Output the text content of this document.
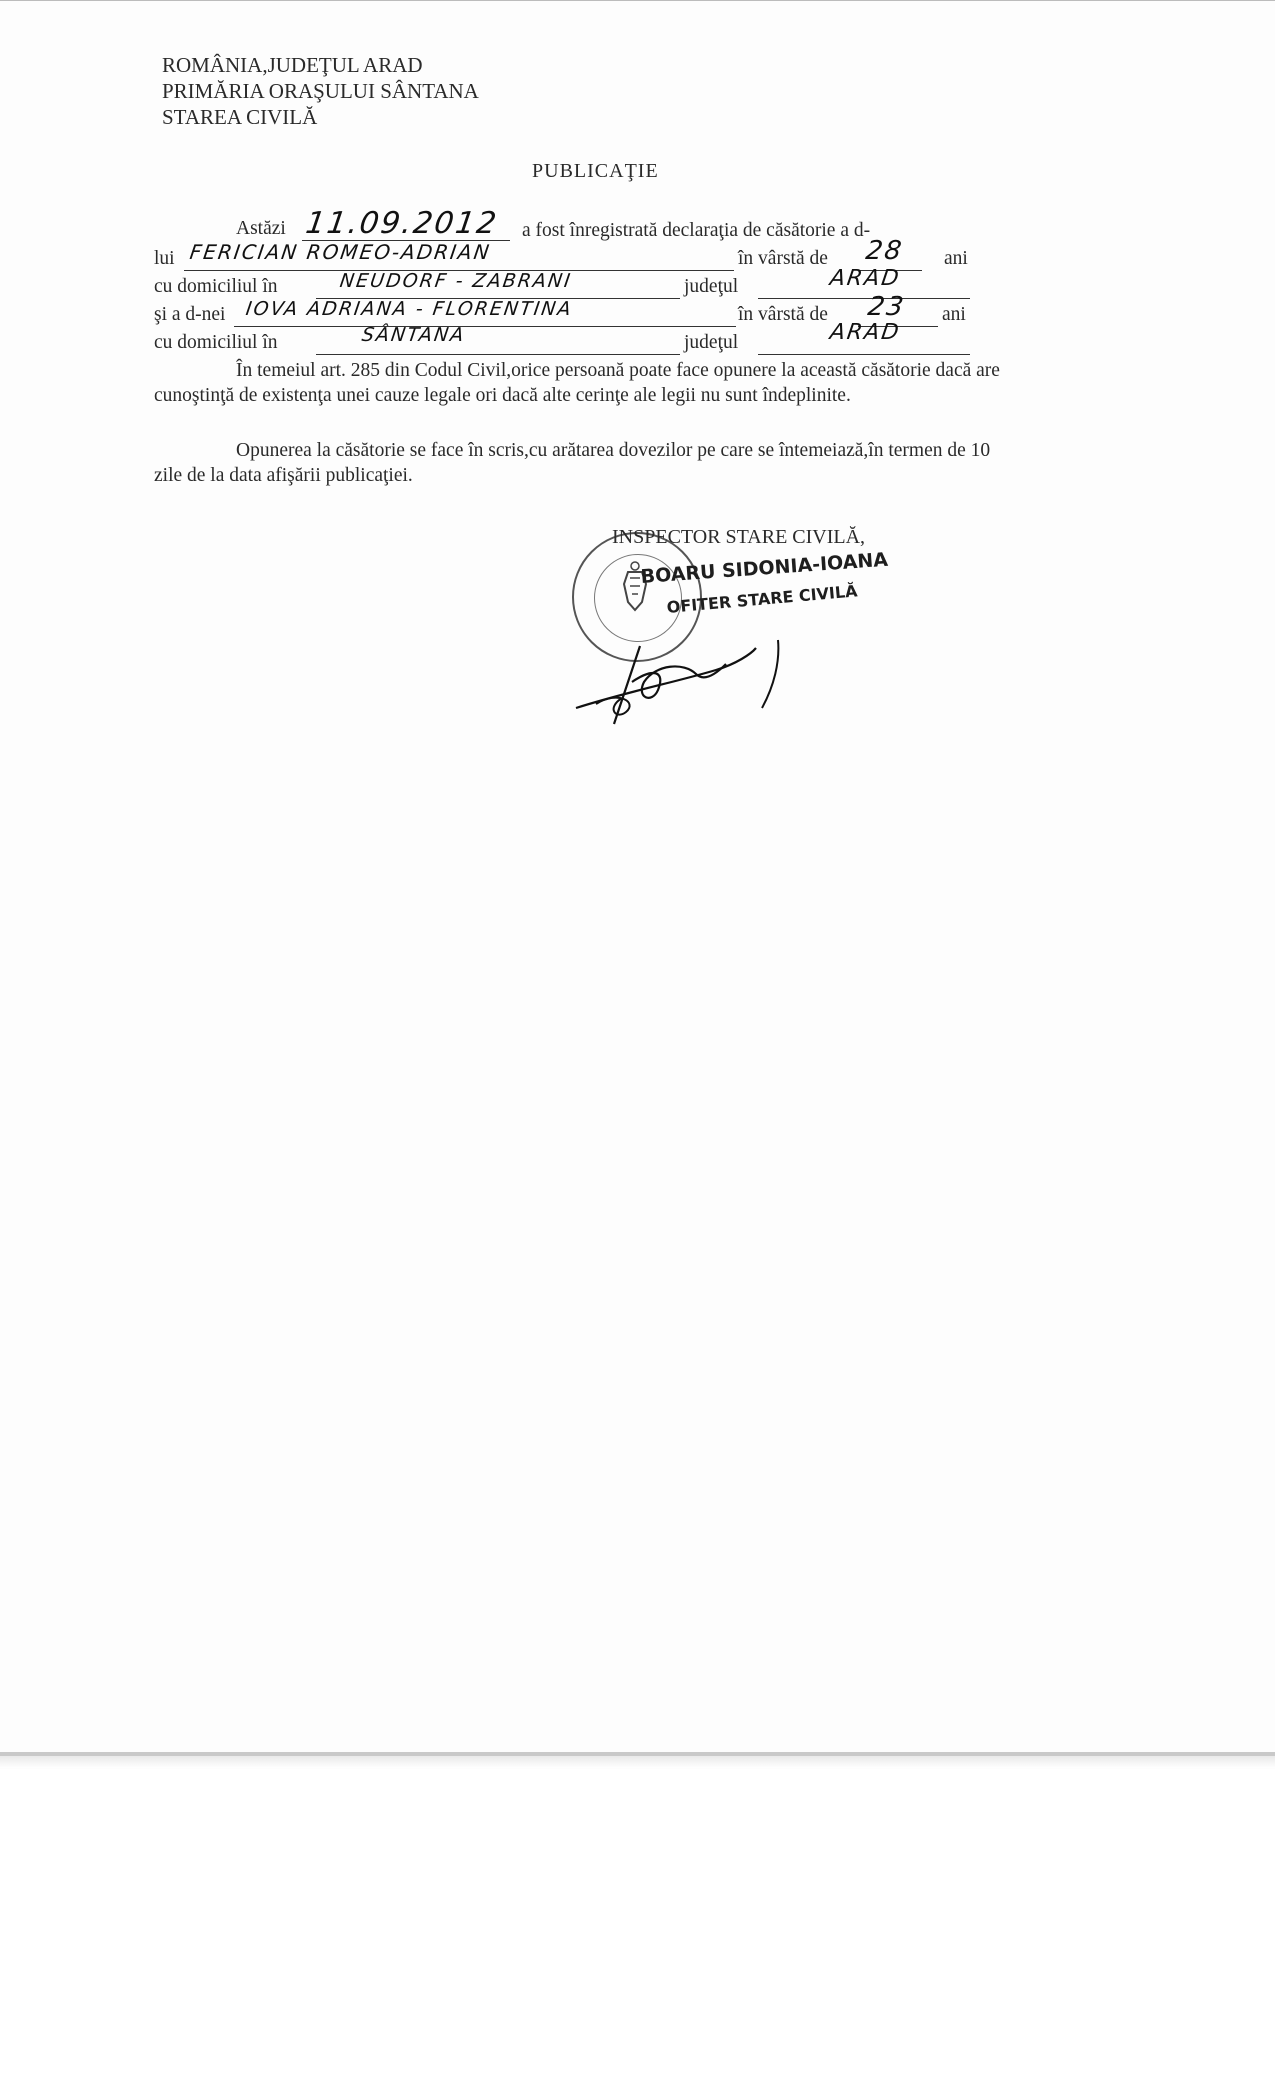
ROMÂNIA,JUDEŢUL ARAD
PRIMĂRIA ORAŞULUI SÂNTANA
STAREA CIVILĂ
PUBLICAŢIE
Astăzi 11.09.2012 a fost înregistrată declaraţia de căsătorie a d-
lui FERICIAN ROMEO-ADRIAN	în vârstă de 28 ani
cu domiciliul în	NEUDORF - ZABRANI	judeţul	ARAD
şi a d-nei IOVA ADRIANA - FLORENTINA	în vârstă de 23 ani
cu domiciliul în	SÂNTANA	judeţul	ARAD

În temeiul art. 285 din Codul Civil,orice persoană poate face opunere la această căsătorie dacă are cunoştinţă de existenţa unei cauze legale ori dacă alte cerinţe ale legii nu sunt îndeplinite.

Opunerea la căsătorie se face în scris,cu arătarea dovezilor pe care se întemeiază,în termen de 10 zile de la data afişării publicaţiei.

INSPECTOR STARE CIVILĂ,
BOARU SIDONIA-IOANA
OFITER STARE CIVILĂ
